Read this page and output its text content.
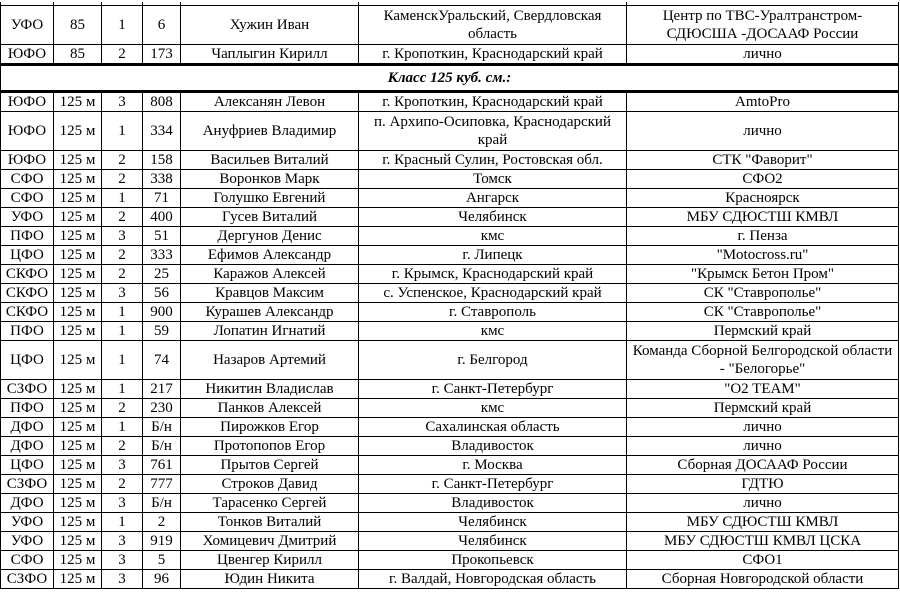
УФО	85	1	6	Хужин Иван	КаменскУральский, Свердловская область	Центр по ТВС-Уралтранстром-СДЮСША -ДОСААФ России
ЮФО	85	2	173	Чаплыгин Кирилл	г. Кропоткин, Краснодарский край	лично
Класс 125 куб. см.:						
ЮФО	125 м	3	808	Алексанян Левон	г. Кропоткин, Краснодарский край	AmtoPro
ЮФО	125 м	1	334	Ануфриев Владимир	п. Архипо-Осиповка, Краснодарский край	лично
ЮФО	125 м	2	158	Васильев Виталий	г. Красный Сулин, Ростовская обл.	СТК "Фаворит"
СФО	125 м	2	338	Воронков Марк	Томск	СФО2
СФО	125 м	1	71	Голушко Евгений	Ангарск	Красноярск
УФО	125 м	2	400	Гусев Виталий	Челябинск	МБУ СДЮСТШ КМВЛ
ПФО	125 м	3	51	Дергунов Денис	кмс	г. Пенза
ЦФО	125 м	2	333	Ефимов Александр	г. Липецк	"Motocross.ru"
СКФО	125 м	2	25	Каражов Алексей	г. Крымск, Краснодарский край	"Крымск Бетон Пром"
СКФО	125 м	3	56	Кравцов Максим	с. Успенское, Краснодарский край	СК "Ставрополье"
СКФО	125 м	1	900	Курашев Александр	г. Ставрополь	СК "Ставрополье"
ПФО	125 м	1	59	Лопатин Игнатий	кмс	Пермский край
ЦФО	125 м	1	74	Назаров Артемий	г. Белгород	Команда Сборной Белгородской области - "Белогорье"
СЗФО	125 м	1	217	Никитин Владислав	г. Санкт-Петербург	"O2 TEAM"
ПФО	125 м	2	230	Панков Алексей	кмс	Пермский край
ДФО	125 м	1	Б/н	Пирожков Егор	Сахалинская область	лично
ДФО	125 м	2	Б/н	Протопопов Егор	Владивосток	лично
ЦФО	125 м	3	761	Прытов Сергей	г. Москва	Сборная ДОСААФ России
СЗФО	125 м	2	777	Строков Давид	г. Санкт-Петербург	ГДТЮ
ДФО	125 м	3	Б/н	Тарасенко Сергей	Владивосток	лично
УФО	125 м	1	2	Тонков Виталий	Челябинск	МБУ СДЮСТШ КМВЛ
УФО	125 м	3	919	Хомицевич Дмитрий	Челябинск	МБУ СДЮСТШ КМВЛ ЦСКА
СФО	125 м	3	5	Цвенгер Кирилл	Прокопьевск	СФО1
СЗФО	125 м	3	96	Юдин Никита	г. Валдай, Новгородская область	Сборная Новгородской области
